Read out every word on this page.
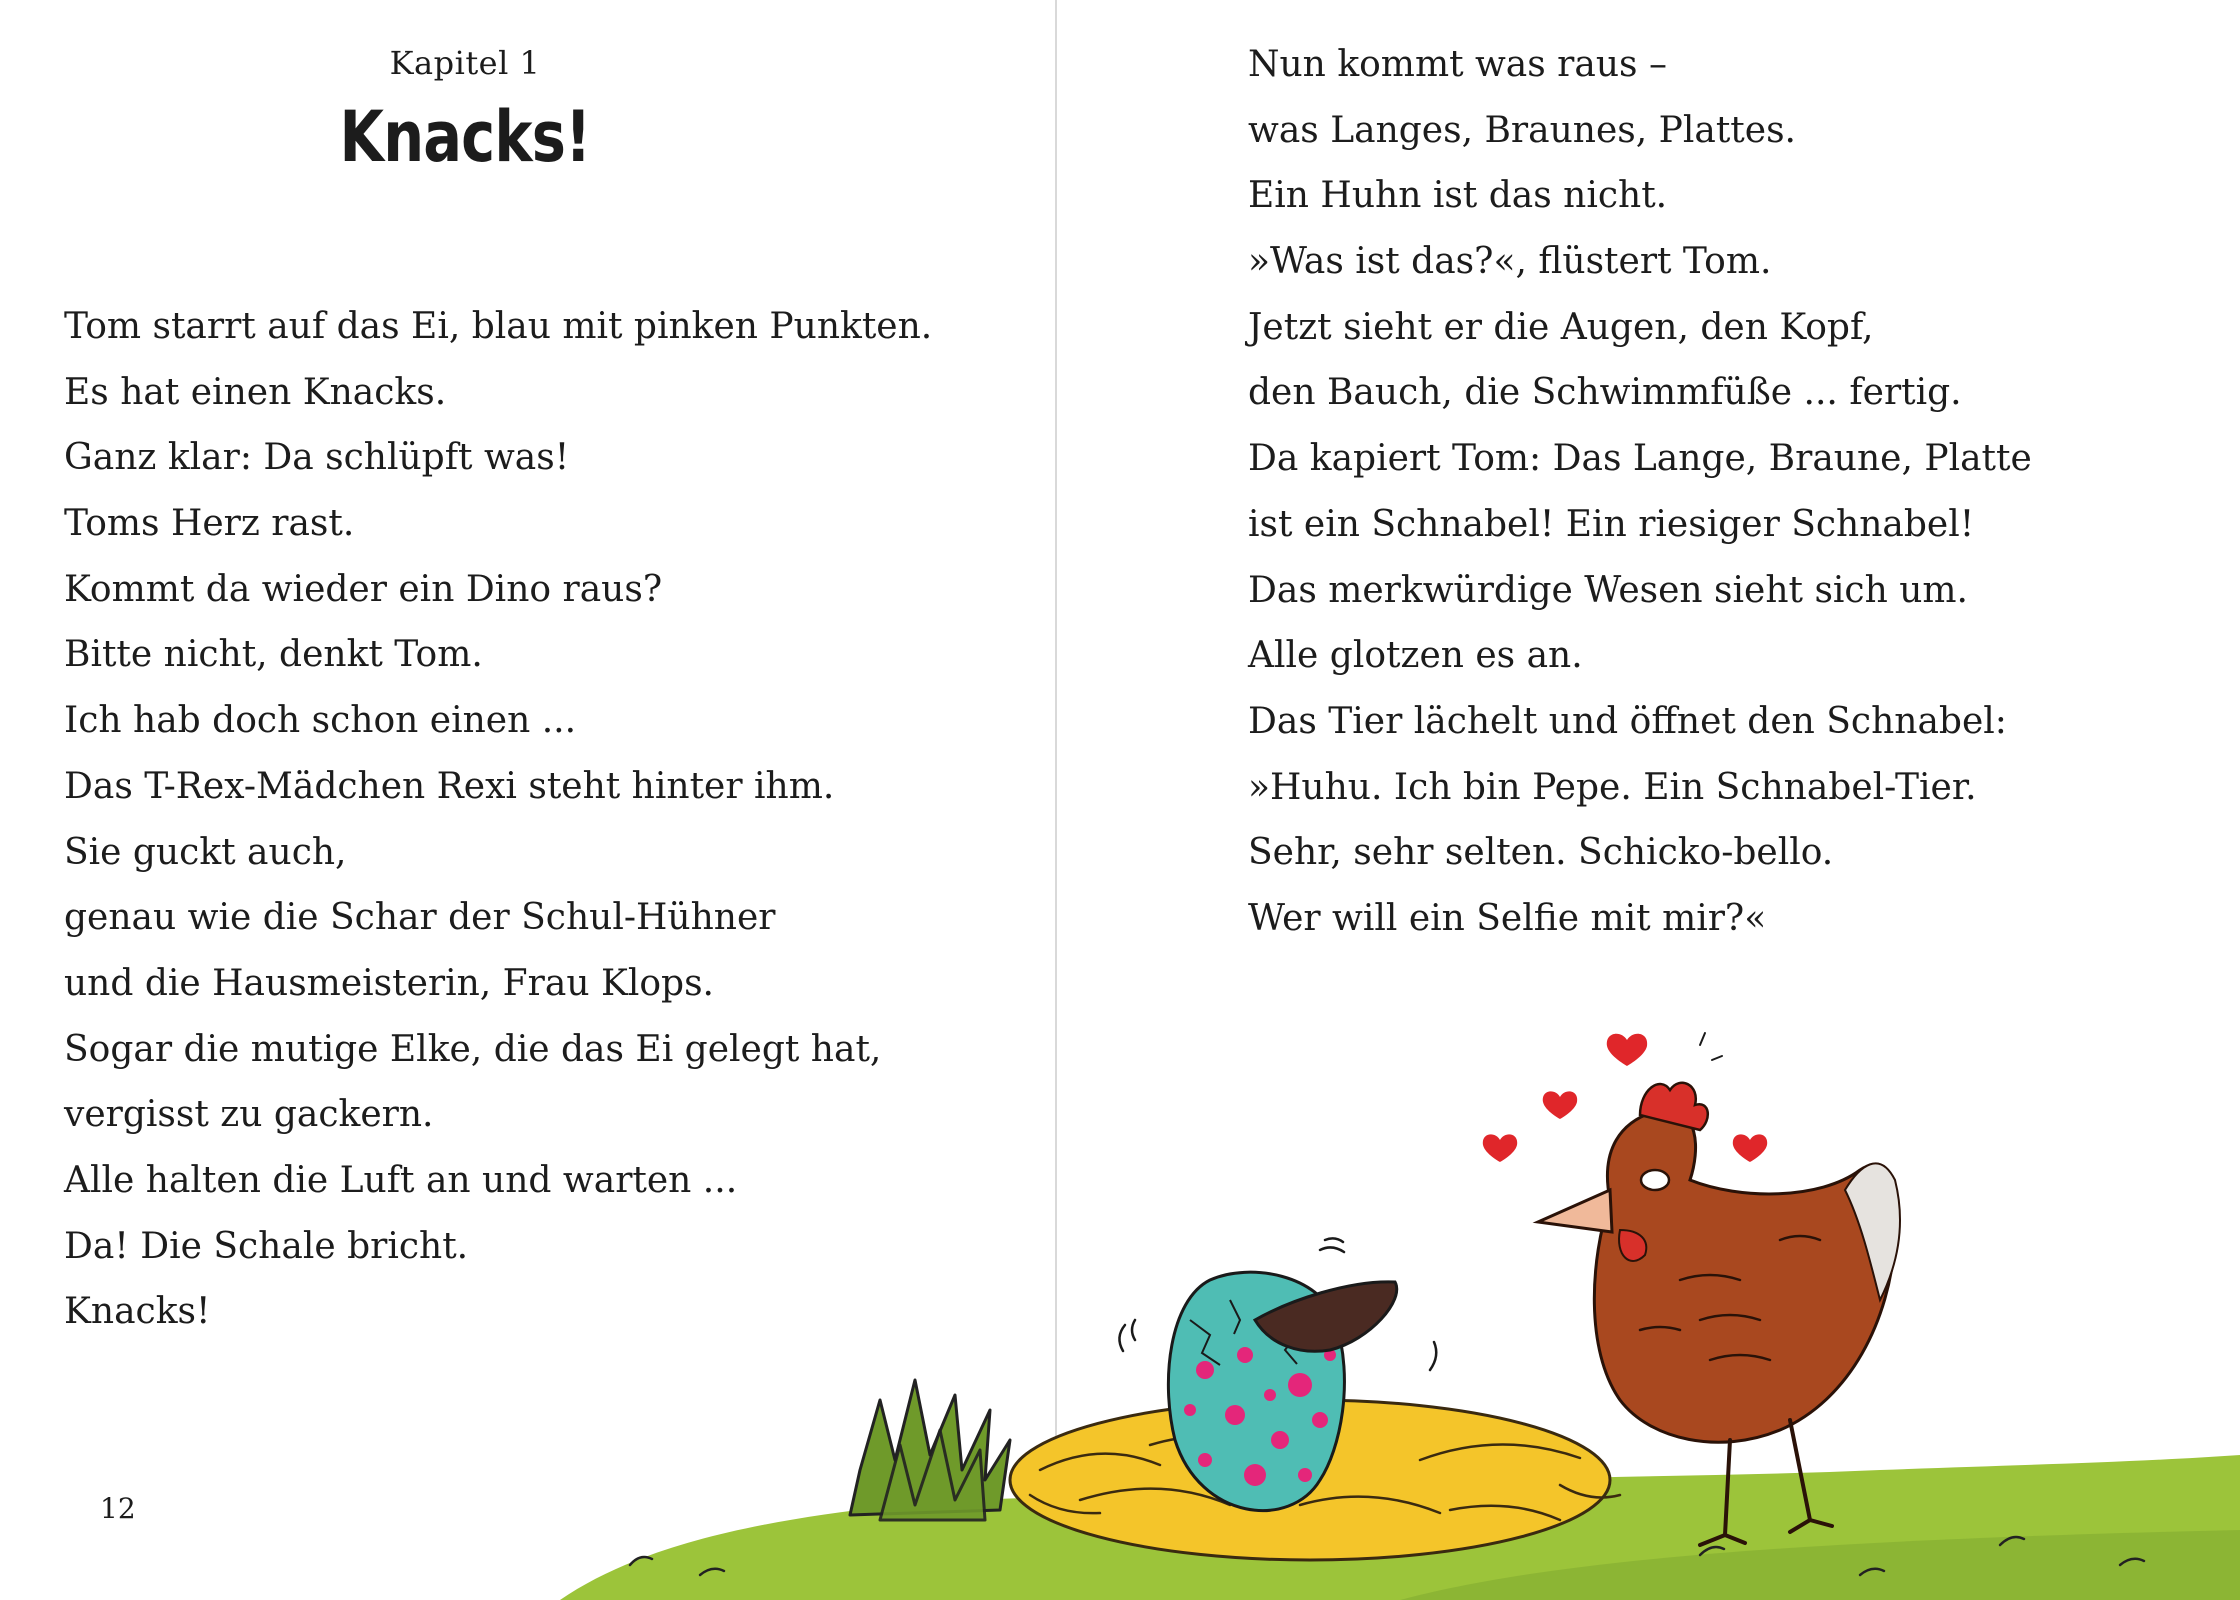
Kapitel 1
Knacks!
Tom starrt auf das Ei, blau mit pinken Punkten.
Es hat einen Knacks.
Ganz klar: Da schlüpft was!
Toms Herz rast.
Kommt da wieder ein Dino raus?
Bitte nicht, denkt Tom.
Ich hab doch schon einen ...
Das T-Rex-Mädchen Rexi steht hinter ihm.
Sie guckt auch,
genau wie die Schar der Schul-Hühner
und die Hausmeisterin, Frau Klops.
Sogar die mutige Elke, die das Ei gelegt hat,
vergisst zu gackern.
Alle halten die Luft an und warten ...
Da! Die Schale bricht.
Knacks!
Nun kommt was raus –
was Langes, Braunes, Plattes.
Ein Huhn ist das nicht.
»Was ist das?«, flüstert Tom.
Jetzt sieht er die Augen, den Kopf,
den Bauch, die Schwimmfüße ... fertig.
Da kapiert Tom: Das Lange, Braune, Platte
ist ein Schnabel! Ein riesiger Schnabel!
Das merkwürdige Wesen sieht sich um.
Alle glotzen es an.
Das Tier lächelt und öffnet den Schnabel:
»Huhu. Ich bin Pepe. Ein Schnabel-Tier.
Sehr, sehr selten. Schicko-bello.
Wer will ein Selfie mit mir?«
12
